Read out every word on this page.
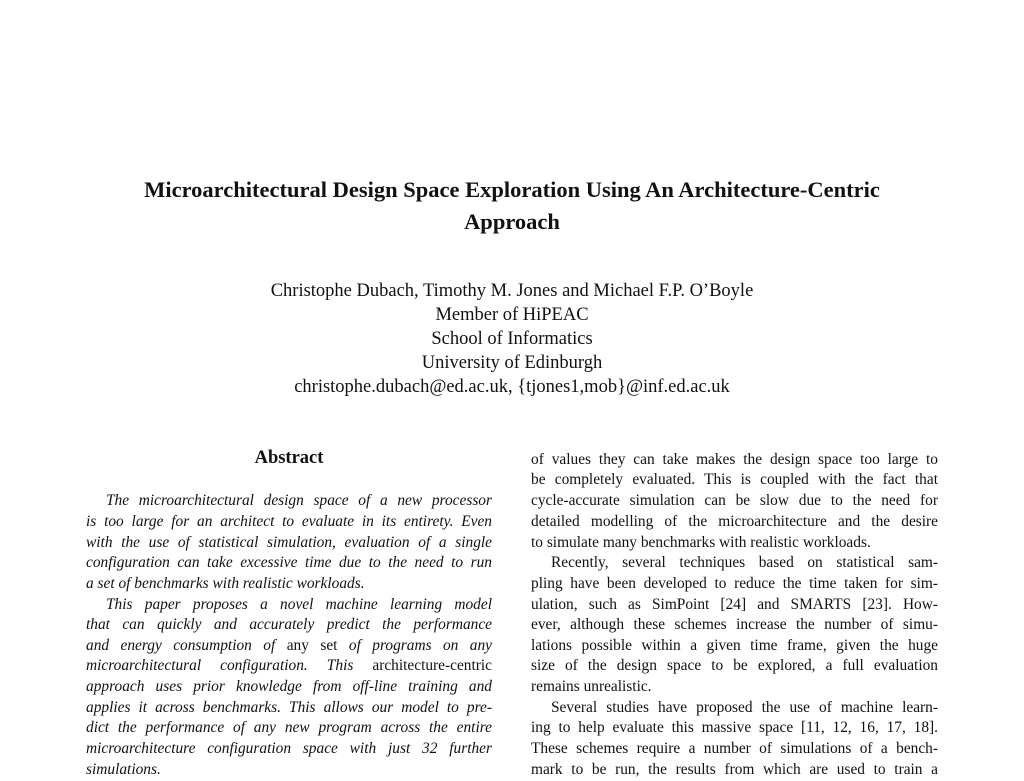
Microarchitectural Design Space Exploration Using An Architecture-Centric
Approach
Christophe Dubach, Timothy M. Jones and Michael F.P. O’Boyle
Member of HiPEAC
School of Informatics
University of Edinburgh
christophe.dubach@ed.ac.uk, {tjones1,mob}@inf.ed.ac.uk
Abstract
The microarchitectural design space of a new processor
is too large for an architect to evaluate in its entirety. Even
with the use of statistical simulation, evaluation of a single
configuration can take excessive time due to the need to run
a set of benchmarks with realistic workloads.
This paper proposes a novel machine learning model
that can quickly and accurately predict the performance
and energy consumption of any set of programs on any
microarchitectural configuration. This architecture-centric
approach uses prior knowledge from off-line training and
applies it across benchmarks. This allows our model to pre-
dict the performance of any new program across the entire
microarchitecture configuration space with just 32 further
simulations.
of values they can take makes the design space too large to
be completely evaluated. This is coupled with the fact that
cycle-accurate simulation can be slow due to the need for
detailed modelling of the microarchitecture and the desire
to simulate many benchmarks with realistic workloads.
Recently, several techniques based on statistical sam-
pling have been developed to reduce the time taken for sim-
ulation, such as SimPoint [24] and SMARTS [23]. How-
ever, although these schemes increase the number of simu-
lations possible within a given time frame, given the huge
size of the design space to be explored, a full evaluation
remains unrealistic.
Several studies have proposed the use of machine learn-
ing to help evaluate this massive space [11, 12, 16, 17, 18].
These schemes require a number of simulations of a bench-
mark to be run, the results from which are used to train a
